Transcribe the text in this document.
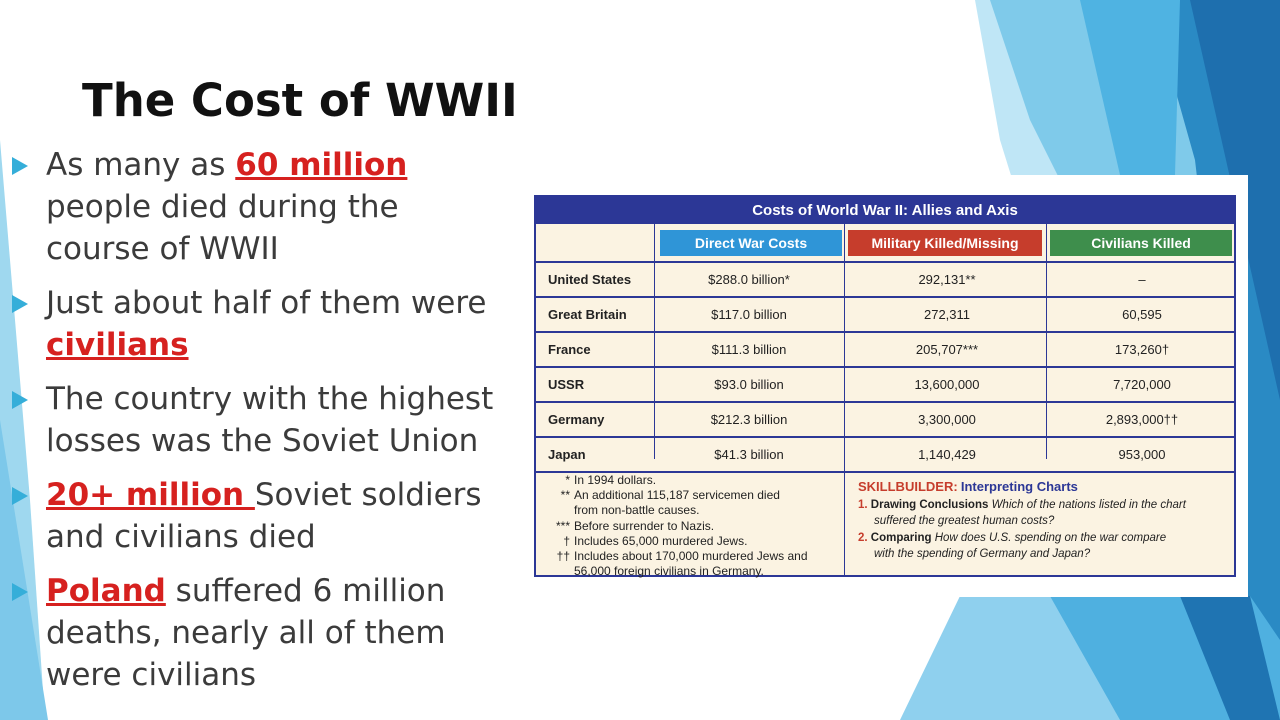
The Cost of WWII
As many as 60 million people died during the course of WWII
Just about half of them were civilians
The country with the highest losses was the Soviet Union
20+ million Soviet soldiers and civilians died
Poland suffered 6 million deaths, nearly all of them were civilians
Costs of World War II: Allies and Axis
Direct War Costs	Military Killed/Missing	Civilians Killed
United States	$288.0 billion*	292,131**	–
Great Britain	$117.0 billion	272,311	60,595
France	$111.3 billion	205,707***	173,260†
USSR	$93.0 billion	13,600,000	7,720,000
Germany	$212.3 billion	3,300,000	2,893,000††
Japan	$41.3 billion	1,140,429	953,000
* In 1994 dollars.
** An additional 115,187 servicemen died
from non-battle causes.
*** Before surrender to Nazis.
† Includes 65,000 murdered Jews.
†† Includes about 170,000 murdered Jews and
56,000 foreign civilians in Germany.
SKILLBUILDER: Interpreting Charts
1. Drawing Conclusions Which of the nations listed in the chart
suffered the greatest human costs?
2. Comparing How does U.S. spending on the war compare
with the spending of Germany and Japan?
